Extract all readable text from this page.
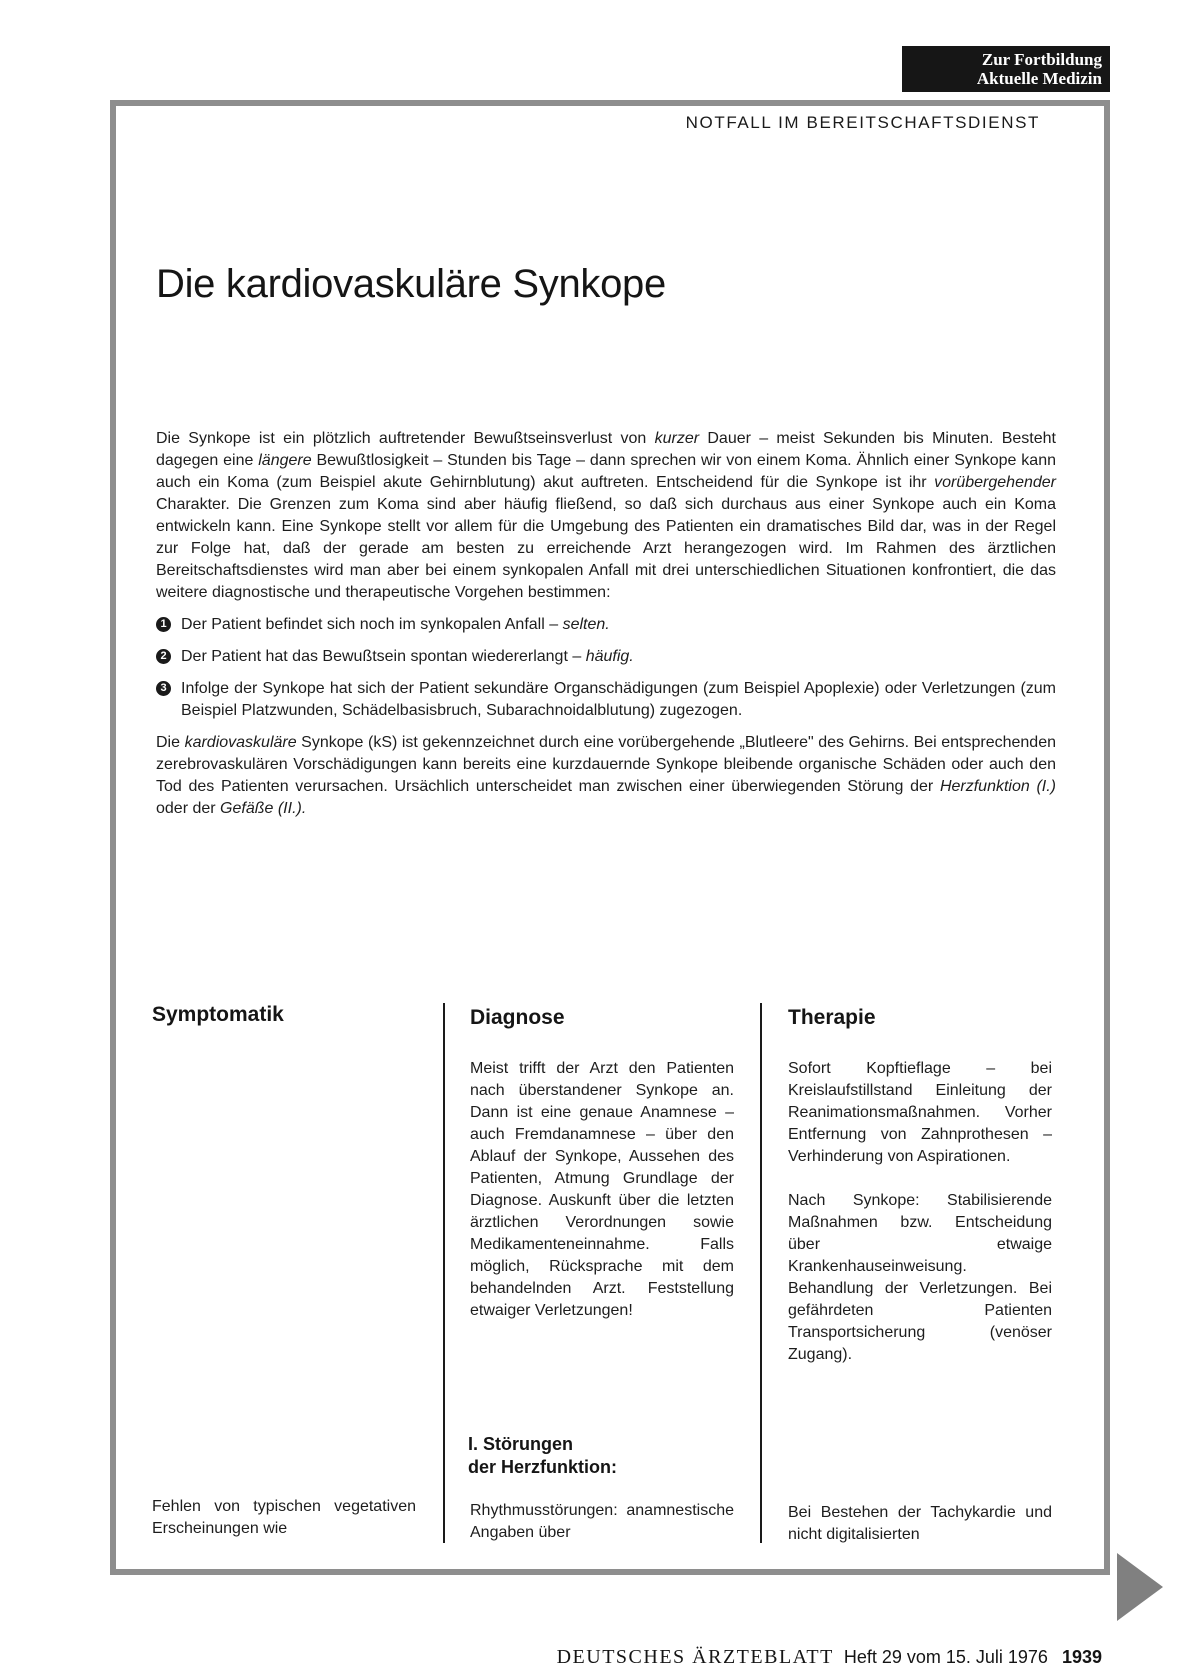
Zur Fortbildung
Aktuelle Medizin
NOTFALL IM BEREITSCHAFTSDIENST
Die kardiovaskuläre Synkope

Die Synkope ist ein plötzlich auftretender Bewußtseinsverlust von kurzer Dauer – meist Sekunden bis Minuten. Besteht dagegen eine längere Bewußtlosigkeit – Stunden bis Tage – dann sprechen wir von einem Koma. Ähnlich einer Synkope kann auch ein Koma (zum Beispiel akute Gehirnblutung) akut auftreten. Entscheidend für die Synkope ist ihr vorübergehender Charakter. Die Grenzen zum Koma sind aber häufig fließend, so daß sich durchaus aus einer Synkope auch ein Koma entwickeln kann. Eine Synkope stellt vor allem für die Umgebung des Patienten ein dramatisches Bild dar, was in der Regel zur Folge hat, daß der gerade am besten zu erreichende Arzt herangezogen wird. Im Rahmen des ärztlichen Bereitschaftsdienstes wird man aber bei einem synkopalen Anfall mit drei unterschiedlichen Situationen konfrontiert, die das weitere diagnostische und therapeutische Vorgehen bestimmen:

1 Der Patient befindet sich noch im synkopalen Anfall – selten.
2 Der Patient hat das Bewußtsein spontan wiedererlangt – häufig.
3 Infolge der Synkope hat sich der Patient sekundäre Organschädigungen (zum Beispiel Apoplexie) oder Verletzungen (zum Beispiel Platzwunden, Schädelbasisbruch, Subarachnoidalblutung) zugezogen.

Die kardiovaskuläre Synkope (kS) ist gekennzeichnet durch eine vorübergehende „Blutleere" des Gehirns. Bei entsprechenden zerebrovaskulären Vorschädigungen kann bereits eine kurzdauernde Synkope bleibende organische Schäden oder auch den Tod des Patienten verursachen. Ursächlich unterscheidet man zwischen einer überwiegenden Störung der Herzfunktion (I.) oder der Gefäße (II.).

Symptomatik
Fehlen von typischen vegetativen Erscheinungen wie
Diagnose
Meist trifft der Arzt den Patienten nach überstandener Synkope an. Dann ist eine genaue Anamnese – auch Fremdanamnese – über den Ablauf der Synkope, Aussehen des Patienten, Atmung Grundlage der Diagnose. Auskunft über die letzten ärztlichen Verordnungen sowie Medikamenteneinnahme. Falls möglich, Rücksprache mit dem behandelnden Arzt. Feststellung etwaiger Verletzungen!
I. Störungen
der Herzfunktion:
Rhythmusstörungen: anamnestische Angaben über
Therapie

Sofort Kopftieflage – bei Kreislaufstillstand Einleitung der Reanimationsmaßnahmen. Vorher Entfernung von Zahnprothesen – Verhinderung von Aspirationen.

Nach Synkope: Stabilisierende Maßnahmen bzw. Entscheidung über etwaige Krankenhauseinweisung. Behandlung der Verletzungen. Bei gefährdeten Patienten Transportsicherung (venöser Zugang).

Bei Bestehen der Tachykardie und nicht digitalisierten
DEUTSCHES ÄRZTEBLATT Heft 29 vom 15. Juli 1976 1939
